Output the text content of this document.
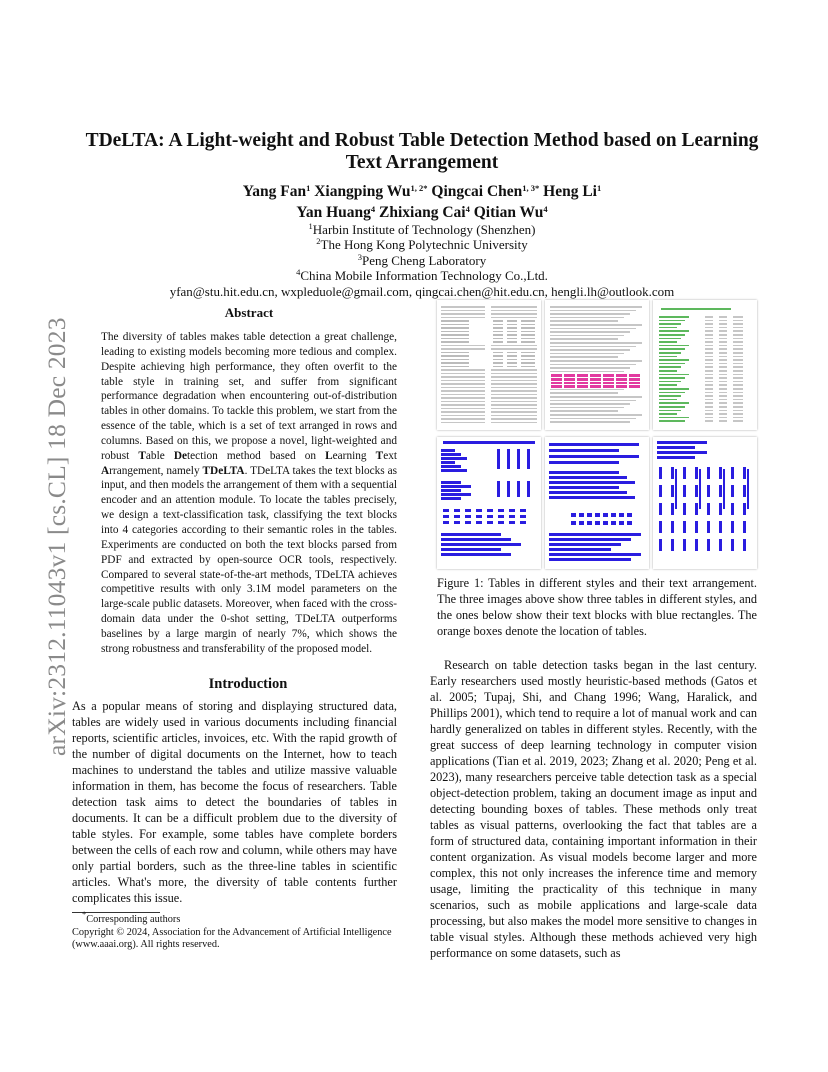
arXiv:2312.11043v1 [cs.CL] 18 Dec 2023
TDeLTA: A Light-weight and Robust Table Detection Method based on Learning Text Arrangement
Yang Fan$^1$ Xiangping $Wu^{1, 2*}$ Qingcai Chen$^{1, 3*}$ Heng Li$^1$
Yan Huang$^4$ Zhixiang Cai$^4$ Qitian Wu$^4$
$^1$Harbin Institute of Technology (Shenzhen)
$^2$The Hong Kong Polytechnic University
$^3$Peng Cheng Laboratory
$^4$China Mobile Information Technology Co.,Ltd.
yfan@stu.hit.edu.cn, wxpleduole@gmail.com, qingcai.chen@hit.edu.cn, hengli.lh@outlook.com
Abstract
The diversity of tables makes table detection a great challenge, leading to existing models becoming more tedious and complex. Despite achieving high performance, they often overfit to the table style in training set, and suffer from significant performance degradation when encountering out-of-distribution tables in other domains. To tackle this problem, we start from the essence of the table, which is a set of text arranged in rows and columns. Based on this, we propose a novel, light-weighted and robust Table Detection method based on Learning Text Arrangement, namely TDeLTA. TDeLTA takes the text blocks as input, and then models the arrangement of them with a sequential encoder and an attention module. To locate the tables precisely, we design a text-classification task, classifying the text blocks into 4 categories according to their semantic roles in the tables. Experiments are conducted on both the text blocks parsed from PDF and extracted by open-source OCR tools, respectively. Compared to several state-of-the-art methods, TDeLTA achieves competitive results with only 3.1M model parameters on the large-scale public datasets. Moreover, when faced with the cross-domain data under the 0-shot setting, TDeLTA outperforms baselines by a large margin of nearly 7%, which shows the strong robustness and transferability of the proposed model.
Introduction
As a popular means of storing and displaying structured data, tables are widely used in various documents including financial reports, scientific articles, invoices, etc. With the rapid growth of the number of digital documents on the Internet, how to teach machines to understand the tables and utilize massive valuable information in them, has become the focus of researchers. Table detection task aims to detect the boundaries of tables in documents. It can be a difficult problem due to the diversity of table styles. For example, some tables have complete borders between the cells of each row and column, while others may have only partial borders, such as the three-line tables in scientific articles. What's more, the diversity of table contents further complicates this issue.
*Corresponding authors
Copyright © 2024, Association for the Advancement of Artificial Intelligence (www.aaai.org). All rights reserved.
Figure 1: Tables in different styles and their text arrangement. The three images above show three tables in different styles, and the ones below show their text blocks with blue rectangles. The orange boxes denote the location of tables.
Research on table detection tasks began in the last century. Early researchers used mostly heuristic-based methods (Gatos et al. 2005; Tupaj, Shi, and Chang 1996; Wang, Haralick, and Phillips 2001), which tend to require a lot of manual work and can hardly generalized on tables in different styles. Recently, with the great success of deep learning technology in computer vision applications (Tian et al. 2019, 2023; Zhang et al. 2020; Peng et al. 2023), many researchers perceive table detection task as a special object-detection problem, taking an document image as input and detecting bounding boxes of tables. These methods only treat tables as visual patterns, overlooking the fact that tables are a form of structured data, containing important information in their content organization. As visual models become larger and more complex, this not only increases the inference time and memory usage, limiting the practicality of this technique in many scenarios, such as mobile applications and large-scale data processing, but also makes the model more sensitive to changes in table visual styles. Although these methods achieved very high performance on some datasets, such as
